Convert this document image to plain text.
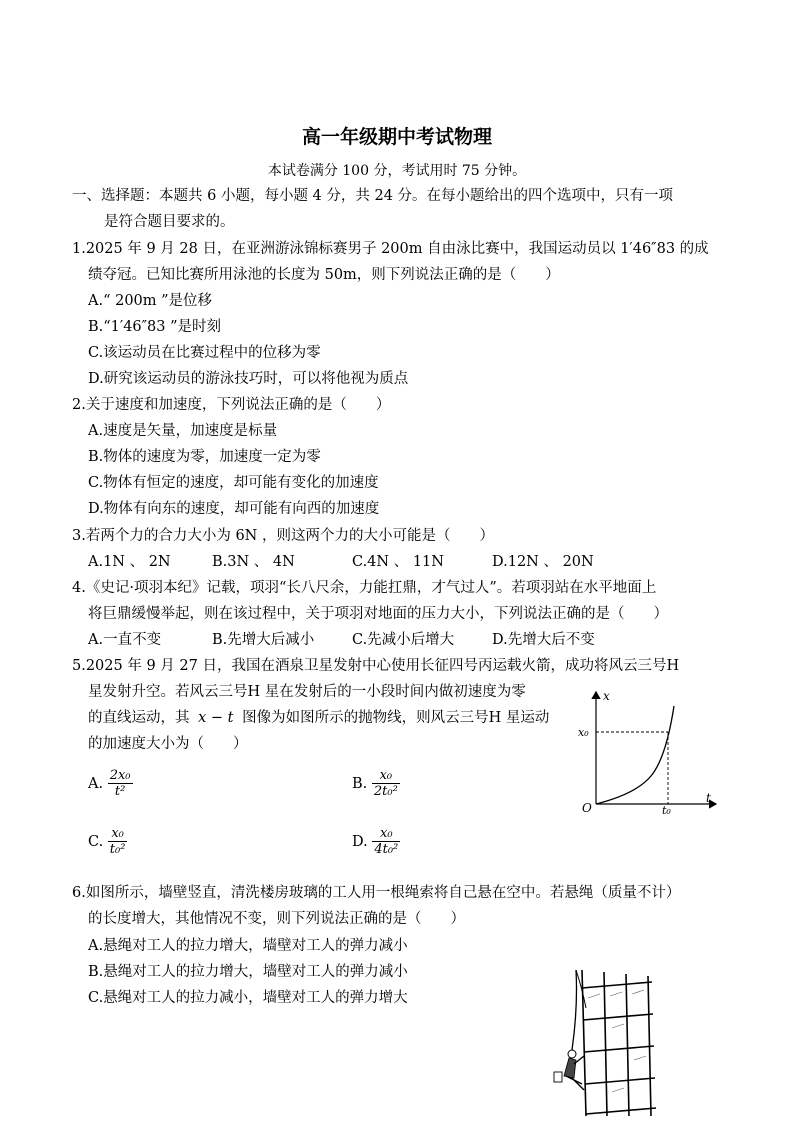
高一年级期中考试物理
本试卷满分 100 分，考试用时 75 分钟。
一、选择题：本题共 6 小题，每小题 4 分，共 24 分。在每小题给出的四个选项中，只有一项
是符合题目要求的。
1.2025 年 9 月 28 日，在亚洲游泳锦标赛男子 200m 自由泳比赛中，我国运动员以 1′46″83 的成
绩夺冠。已知比赛所用泳池的长度为 50m，则下列说法正确的是（　　）
A.“ 200m ”是位移
B.“1′46″83 ”是时刻
C.该运动员在比赛过程中的位移为零
D.研究该运动员的游泳技巧时，可以将他视为质点
2.关于速度和加速度，下列说法正确的是（　　）
A.速度是矢量，加速度是标量
B.物体的速度为零，加速度一定为零
C.物体有恒定的速度，却可能有变化的加速度
D.物体有向东的速度，却可能有向西的加速度
3.若两个力的合力大小为 6N ，则这两个力的大小可能是（　　）
A.1N 、 2N	B.3N 、 4N	C.4N 、 11N	D.12N 、 20N
4.《史记·项羽本纪》记载，项羽“长八尺余，力能扛鼎，才气过人”。若项羽站在水平地面上
将巨鼎缓慢举起，则在该过程中，关于项羽对地面的压力大小，下列说法正确的是（　　）
A.一直不变	B.先增大后减小	C.先减小后增大	D.先增大后不变
5.2025 年 9 月 27 日，我国在酒泉卫星发射中心使用长征四号丙运载火箭，成功将风云三号H
星发射升空。若风云三号H 星在发射后的一小段时间内做初速度为零
的直线运动，其 x − t 图像为如图所示的抛物线，则风云三号H 星运动
的加速度大小为（　　）
A. $\frac{\text{2x₀}}{\text{t²}}$	B. $\frac{\text{x₀}}{\text{2t₀²}}$
C. $\frac{\text{x₀}}{\text{t₀²}}$	D. $\frac{\text{x₀}}{\text{4t₀²}}$
x
t
O
x₀
t₀
6.如图所示，墙壁竖直，清洗楼房玻璃的工人用一根绳索将自己悬在空中。若悬绳（质量不计）
的长度增大，其他情况不变，则下列说法正确的是（　　）
A.悬绳对工人的拉力增大，墙壁对工人的弹力减小
B.悬绳对工人的拉力增大，墙壁对工人的弹力减小
C.悬绳对工人的拉力减小，墙壁对工人的弹力增大
